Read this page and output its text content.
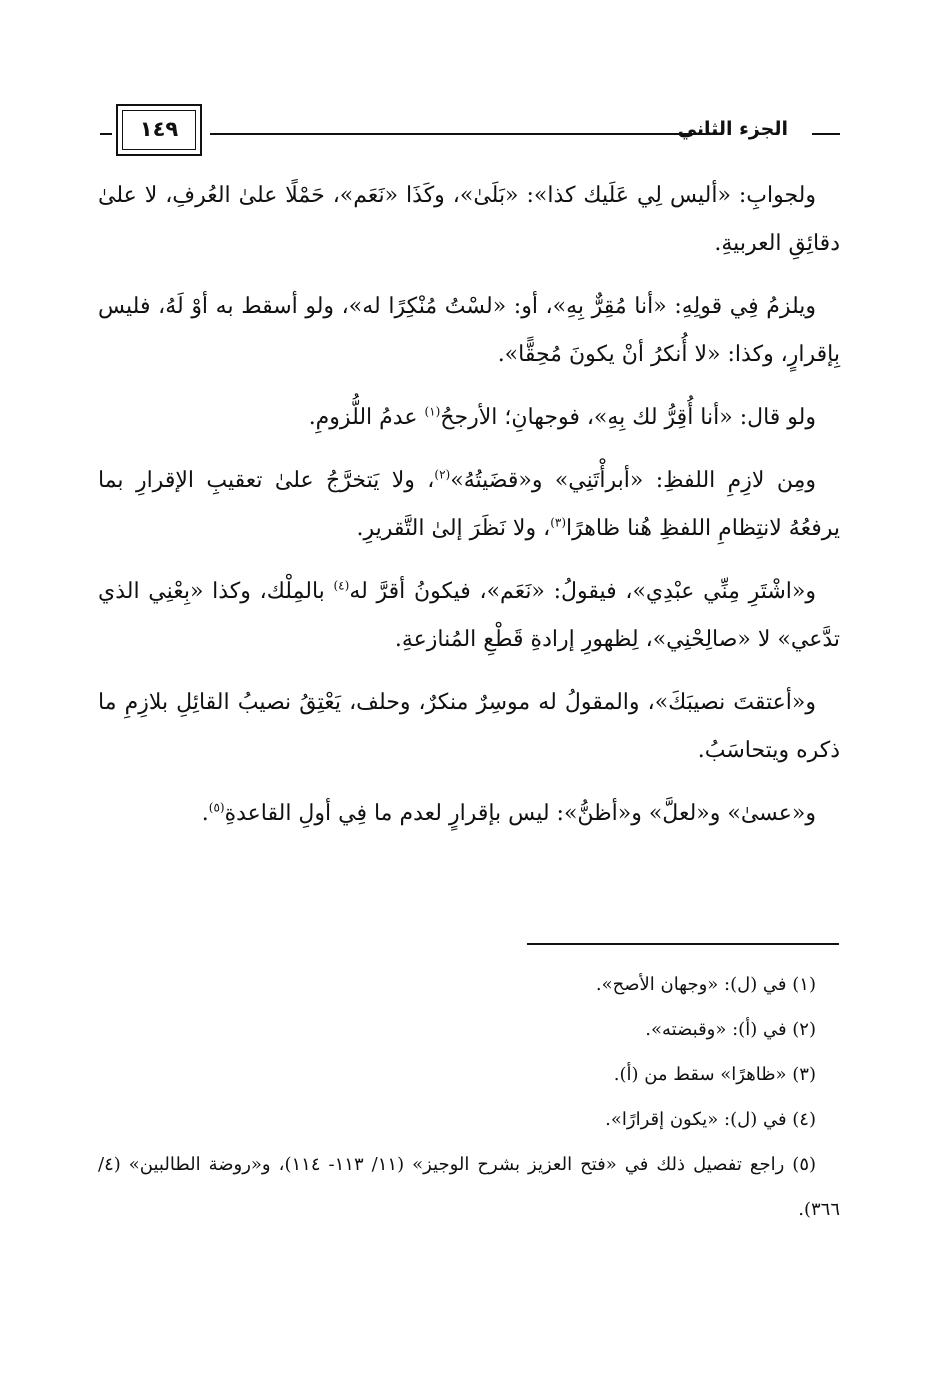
١٤٩	الجزء الثاني

ولجوابِ: «أليس لِي عَلَيك كذا»: «بَلَىٰ»، وكَذَا «نَعَم»، حَمْلًا علىٰ العُرفِ، لا علىٰ دقائِقِ العربيةِ.

ويلزمُ فِي قولِهِ: «أنا مُقِرٌّ بِهِ»، أو: «لسْتُ مُنْكِرًا له»، ولو أسقط به أوْ لَهُ، فليس بِإقرارٍ، وكذا: «لا أُنكرُ أنْ يكونَ مُحِقًّا».

ولو قال: «أنا أُقِرُّ لك بِهِ»، فوجهانِ؛ الأرجحُ$^{(١)}$ عدمُ اللُّزومِ.

ومِن لازِمِ اللفظِ: «أبرأْتَنِي» و«قضَيتُهُ»$^{(٢)}$، ولا يَتخرَّجُ علىٰ تعقيبِ الإقرارِ بما يرفعُهُ لانتِظامِ اللفظِ هُنا ظاهرًا$^{(٣)}$، ولا نَظَرَ إلىٰ التَّقريرِ.

و«اشْتَرِ مِنِّي عبْدِي»، فيقولُ: «نَعَم»، فيكونُ أقرَّ له$^{(٤)}$ بالمِلْك، وكذا «بِعْنِي الذي تدَّعي» لا «صالِحْنِي»، لِظهورِ إرادةِ قَطْعِ المُنازعةِ.

و«أعتقتَ نصيبَكَ»، والمقولُ له موسِرٌ منكرٌ، وحلف، يَعْتِقُ نصيبُ القائِلِ بلازِمِ ما ذكره ويتحاسَبُ.

و«عسىٰ» و«لعلَّ» و«أظنُّ»: ليس بإقرارٍ لعدم ما فِي أولِ القاعدةِ$^{(٥)}$.

(١) في (ل): «وجهان الأصح».

(٢) في (أ): «وقبضته».

(٣) «ظاهرًا» سقط من (أ).

(٤) في (ل): «يكون إقرارًا».

(٥) راجع تفصيل ذلك في «فتح العزيز بشرح الوجيز» (١١/ ١١٣- ١١٤)، و«روضة الطالبين» (٤/ ٣٦٦).
